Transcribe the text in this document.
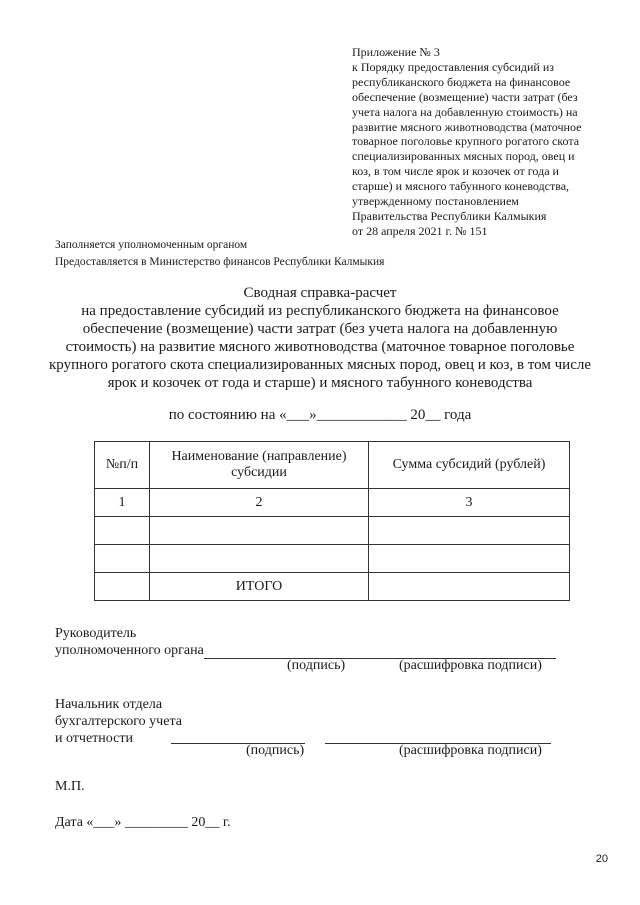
Приложение № 3
к Порядку предоставления субсидий из
республиканского бюджета на финансовое
обеспечение (возмещение) части затрат (без
учета налога на добавленную стоимость) на
развитие мясного животноводства (маточное
товарное поголовье крупного рогатого скота
специализированных мясных пород, овец и
коз, в том числе ярок и козочек от года и
старше) и мясного табунного коневодства,
утвержденному постановлением
Правительства Республики Калмыкия
от 28 апреля 2021 г. № 151
Заполняется уполномоченным органом
Предоставляется в Министерство финансов Республики Калмыкия
Сводная справка-расчет
на предоставление субсидий из республиканского бюджета на финансовое
обеспечение (возмещение) части затрат (без учета налога на добавленную
стоимость) на развитие мясного животноводства (маточное товарное поголовье
крупного рогатого скота специализированных мясных пород, овец и коз, в том числе
ярок и козочек от года и старше) и мясного табунного коневодства
по состоянию на «___»____________ 20__ года
№п/п	Наименование (направление) субсидии	Сумма субсидий (рублей)
1	2	3

	ИТОГО	
Руководитель
уполномоченного органа
(подпись)	(расшифровка подписи)
Начальник отдела
бухгалтерского учета
и отчетности

(подпись)	(расшифровка подписи)
М.П.
Дата «___» _________ 20__ г.
20
